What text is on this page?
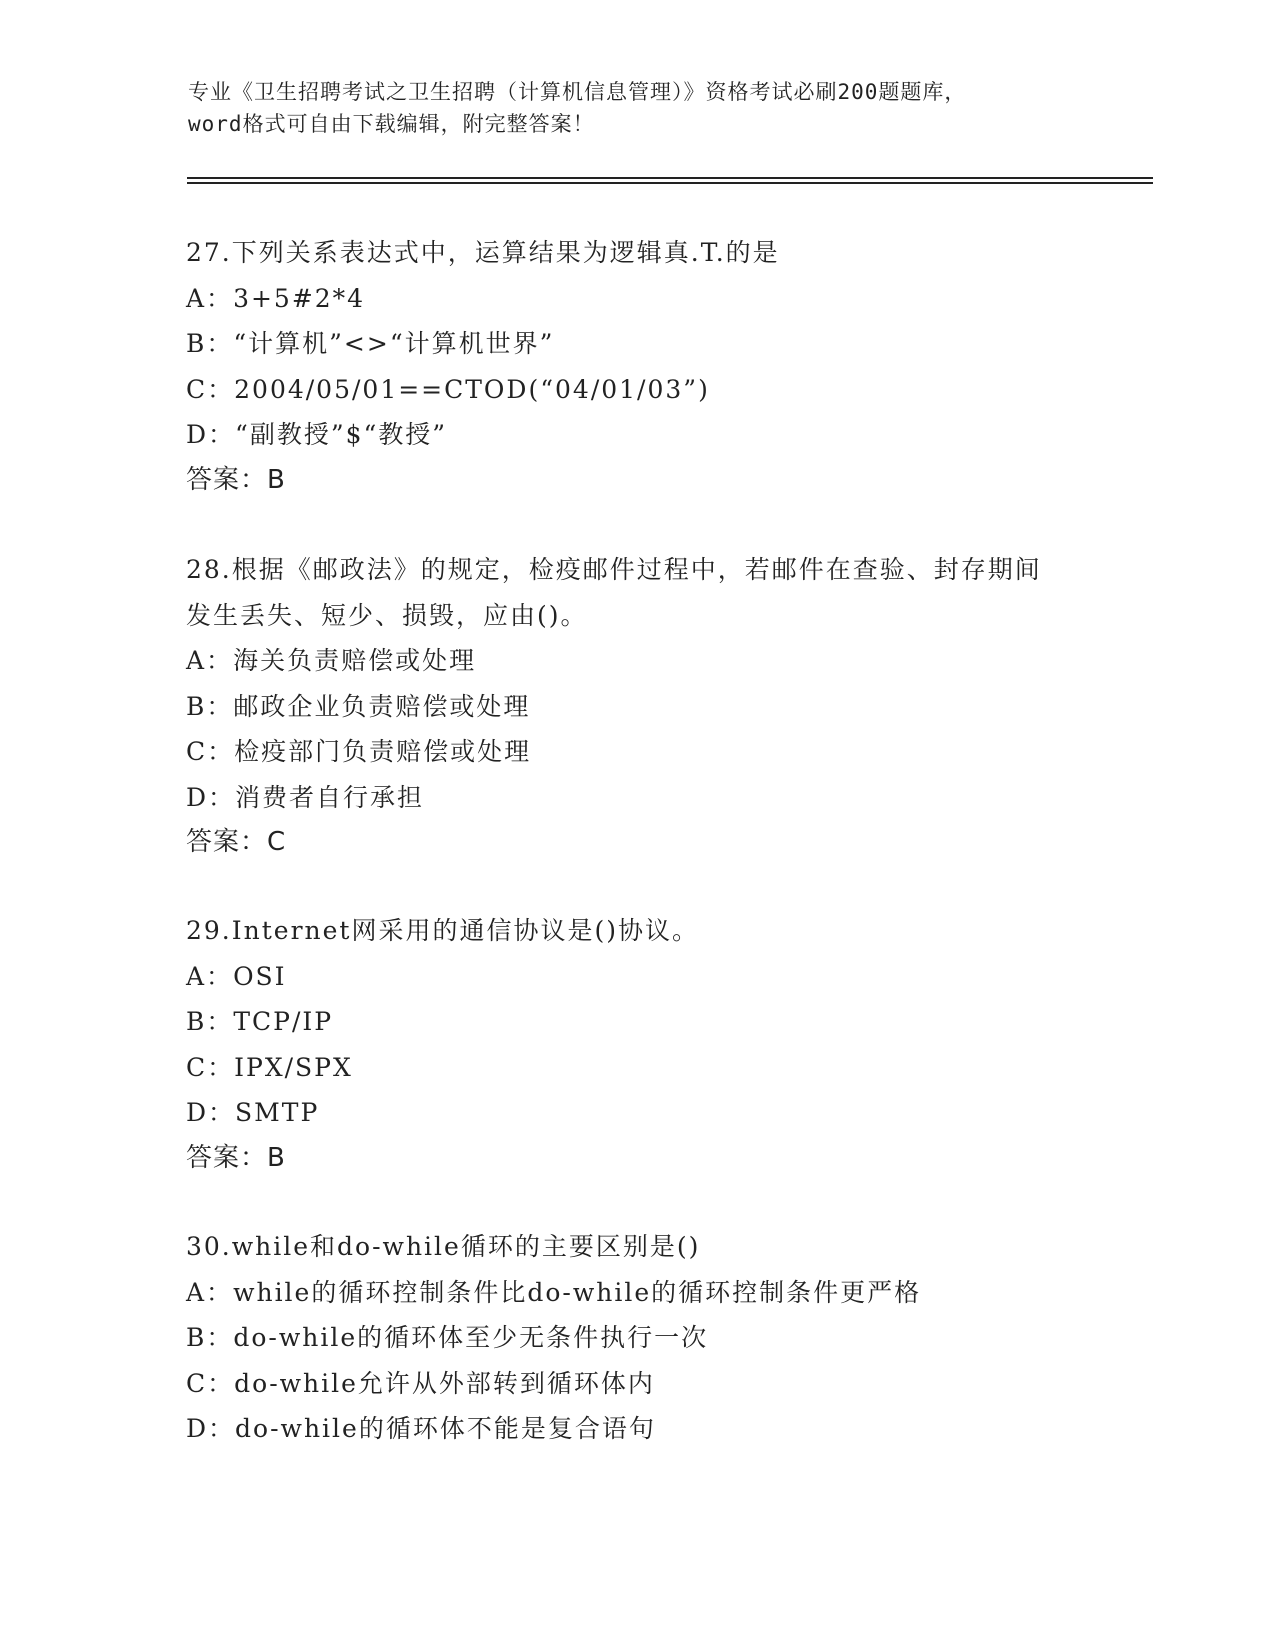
专业《卫生招聘考试之卫生招聘（计算机信息管理）》资格考试必刷200题题库，
word格式可自由下载编辑，附完整答案！
27.下列关系表达式中，运算结果为逻辑真.T.的是
A：3+5#2*4
B：“计算机”<>“计算机世界”
C：2004/05/01==CTOD(“04/01/03”)
D：“副教授”$“教授”
答案：B
28.根据《邮政法》的规定，检疫邮件过程中，若邮件在查验、封存期间发生丢失、短少、损毁，应由()。
A：海关负责赔偿或处理
B：邮政企业负责赔偿或处理
C：检疫部门负责赔偿或处理
D：消费者自行承担
答案：C
29.Internet网采用的通信协议是()协议。
A：OSI
B：TCP/IP
C：IPX/SPX
D：SMTP
答案：B
30.while和do-while循环的主要区别是()
A：while的循环控制条件比do-while的循环控制条件更严格
B：do-while的循环体至少无条件执行一次
C：do-while允许从外部转到循环体内
D：do-while的循环体不能是复合语句
